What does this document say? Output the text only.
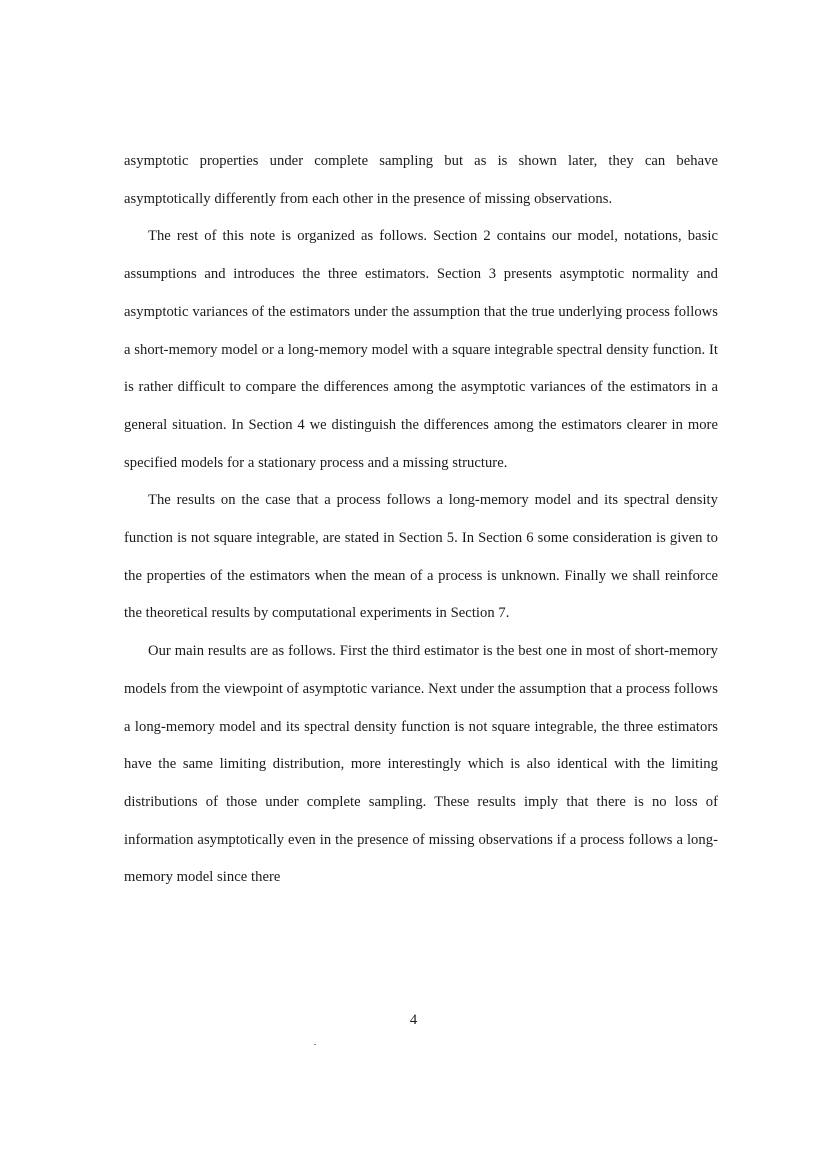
asymptotic properties under complete sampling but as is shown later, they can behave asymptotically differently from each other in the presence of missing observations.

The rest of this note is organized as follows. Section 2 contains our model, notations, basic assumptions and introduces the three estimators. Section 3 presents asymptotic normality and asymptotic variances of the estimators under the assumption that the true underlying process follows a short-memory model or a long-memory model with a square integrable spectral density function. It is rather difficult to compare the differences among the asymptotic variances of the estimators in a general situation. In Section 4 we distinguish the differences among the estimators clearer in more specified models for a stationary process and a missing structure.

The results on the case that a process follows a long-memory model and its spectral density function is not square integrable, are stated in Section 5. In Section 6 some consideration is given to the properties of the estimators when the mean of a process is unknown. Finally we shall reinforce the theoretical results by computational experiments in Section 7.

Our main results are as follows. First the third estimator is the best one in most of short-memory models from the viewpoint of asymptotic variance. Next under the assumption that a process follows a long-memory model and its spectral density function is not square integrable, the three estimators have the same limiting distribution, more interestingly which is also identical with the limiting distributions of those under complete sampling. These results imply that there is no loss of information asymptotically even in the presence of missing observations if a process follows a long-memory model since there

4
